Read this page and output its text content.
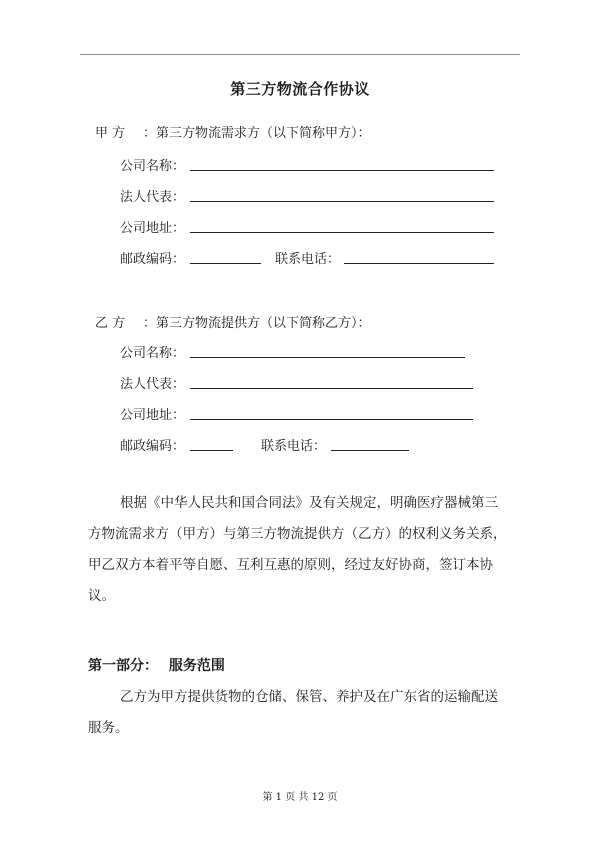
第三方物流合作协议
甲 方 ：第三方物流需求方（以下简称甲方）：
公司名称：
法人代表：
公司地址：
邮政编码：	联系电话：
乙 方 ：第三方物流提供方（以下简称乙方）：
公司名称：
法人代表：
公司地址：
邮政编码：	联系电话：

根据《中华人民共和国合同法》及有关规定，明确医疗器械第三

方物流需求方（甲方）与第三方物流提供方（乙方）的权利义务关系，

甲乙双方本着平等自愿、互利互惠的原则，经过友好协商，签订本协

议。

第一部分： 服务范围

乙方为甲方提供货物的仓储、保管、养护及在广东省的运输配送

服务。

第 1 页 共 12 页
